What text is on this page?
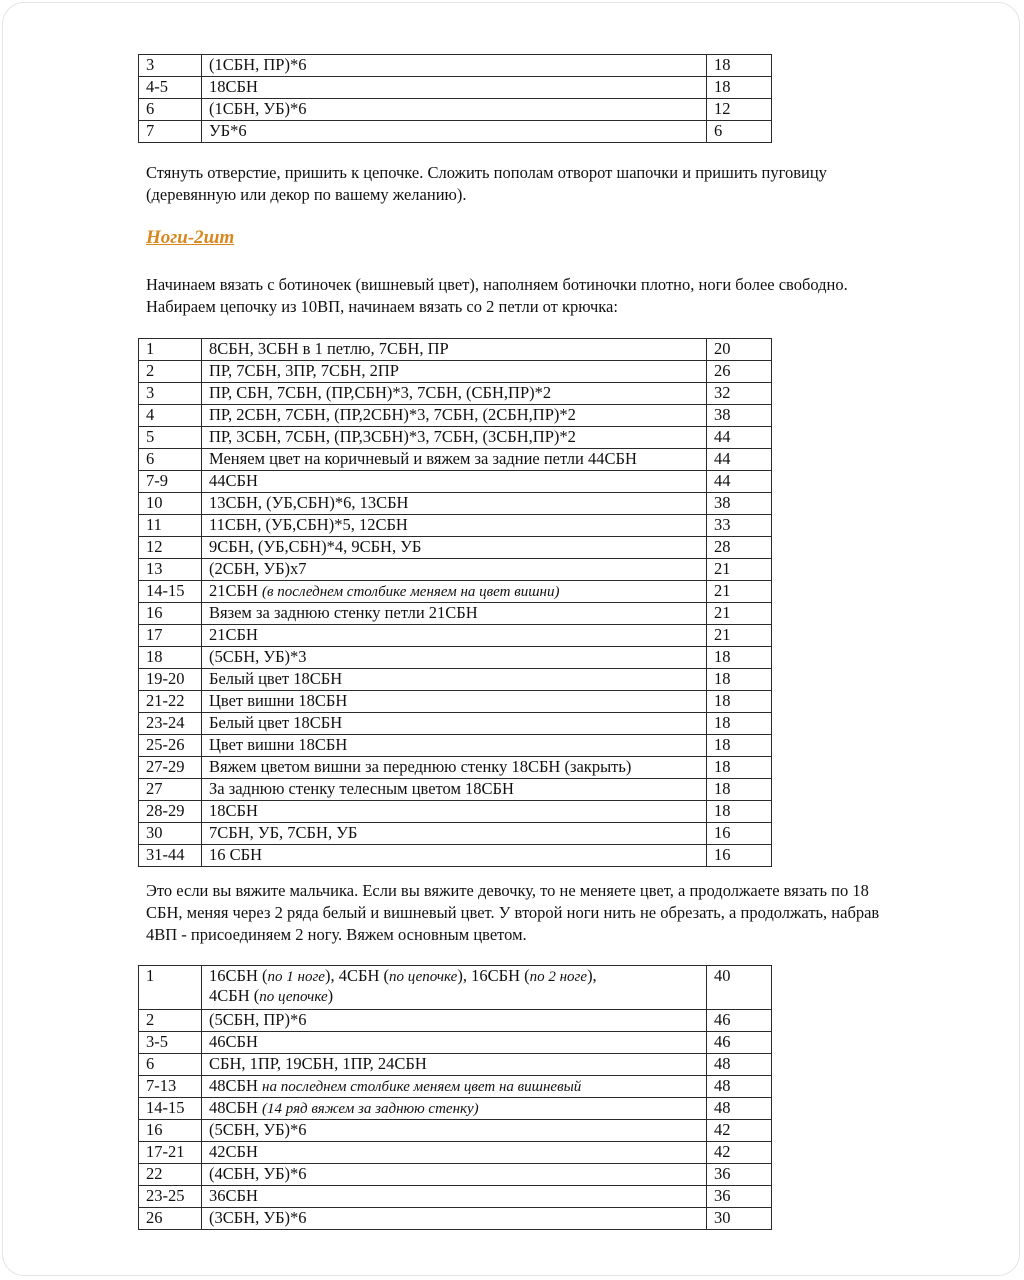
3	(1СБН, ПР)*6	18
4-5	18СБН	18
6	(1СБН, УБ)*6	12
7	УБ*6	6

Стянуть отверстие, пришить к цепочке. Сложить пополам отворот шапочки и пришить пуговицу (деревянную или декор по вашему желанию).

Ноги-2шт

Начинаем вязать с ботиночек (вишневый цвет), наполняем ботиночки плотно, ноги более свободно. Набираем цепочку из 10ВП, начинаем вязать со 2 петли от крючка:

1	8СБН, 3СБН в 1 петлю, 7СБН, ПР	20
2	ПР, 7СБН, 3ПР, 7СБН, 2ПР	26
3	ПР, СБН, 7СБН, (ПР,СБН)*3, 7СБН, (СБН,ПР)*2	32
4	ПР, 2СБН, 7СБН, (ПР,2СБН)*3, 7СБН, (2СБН,ПР)*2	38
5	ПР, 3СБН, 7СБН, (ПР,3СБН)*3, 7СБН, (3СБН,ПР)*2	44
6	Меняем цвет на коричневый и вяжем за задние петли 44СБН	44
7-9	44СБН	44
10	13СБН, (УБ,СБН)*6, 13СБН	38
11	11СБН, (УБ,СБН)*5, 12СБН	33
12	9СБН, (УБ,СБН)*4, 9СБН, УБ	28
13	(2СБН, УБ)х7	21
14-15	21СБН (в последнем столбике меняем на цвет вишни)	21
16	Вязем за заднюю стенку петли 21СБН	21
17	21СБН	21
18	(5СБН, УБ)*3	18
19-20	Белый цвет 18СБН	18
21-22	Цвет вишни 18СБН	18
23-24	Белый цвет 18СБН	18
25-26	Цвет вишни 18СБН	18
27-29	Вяжем цветом вишни за переднюю стенку 18СБН (закрыть)	18
27	За заднюю стенку телесным цветом 18СБН	18
28-29	18СБН	18
30	7СБН, УБ, 7СБН, УБ	16
31-44	16 СБН	16

Это если вы вяжите мальчика. Если вы вяжите девочку, то не меняете цвет, а продолжаете вязать по 18 СБН, меняя через 2 ряда белый и вишневый цвет. У второй ноги нить не обрезать, а продолжать, набрав 4ВП - присоединяем 2 ногу. Вяжем основным цветом.

1	16СБН (по 1 ноге), 4СБН (по цепочке), 16СБН (по 2 ноге),
4СБН (по цепочке)	40
2	(5СБН, ПР)*6	46
3-5	46СБН	46
6	СБН, 1ПР, 19СБН, 1ПР, 24СБН	48
7-13	48СБН на последнем столбике меняем цвет на вишневый	48
14-15	48СБН (14 ряд вяжем за заднюю стенку)	48
16	(5СБН, УБ)*6	42
17-21	42СБН	42
22	(4СБН, УБ)*6	36
23-25	36СБН	36
26	(3СБН, УБ)*6	30
